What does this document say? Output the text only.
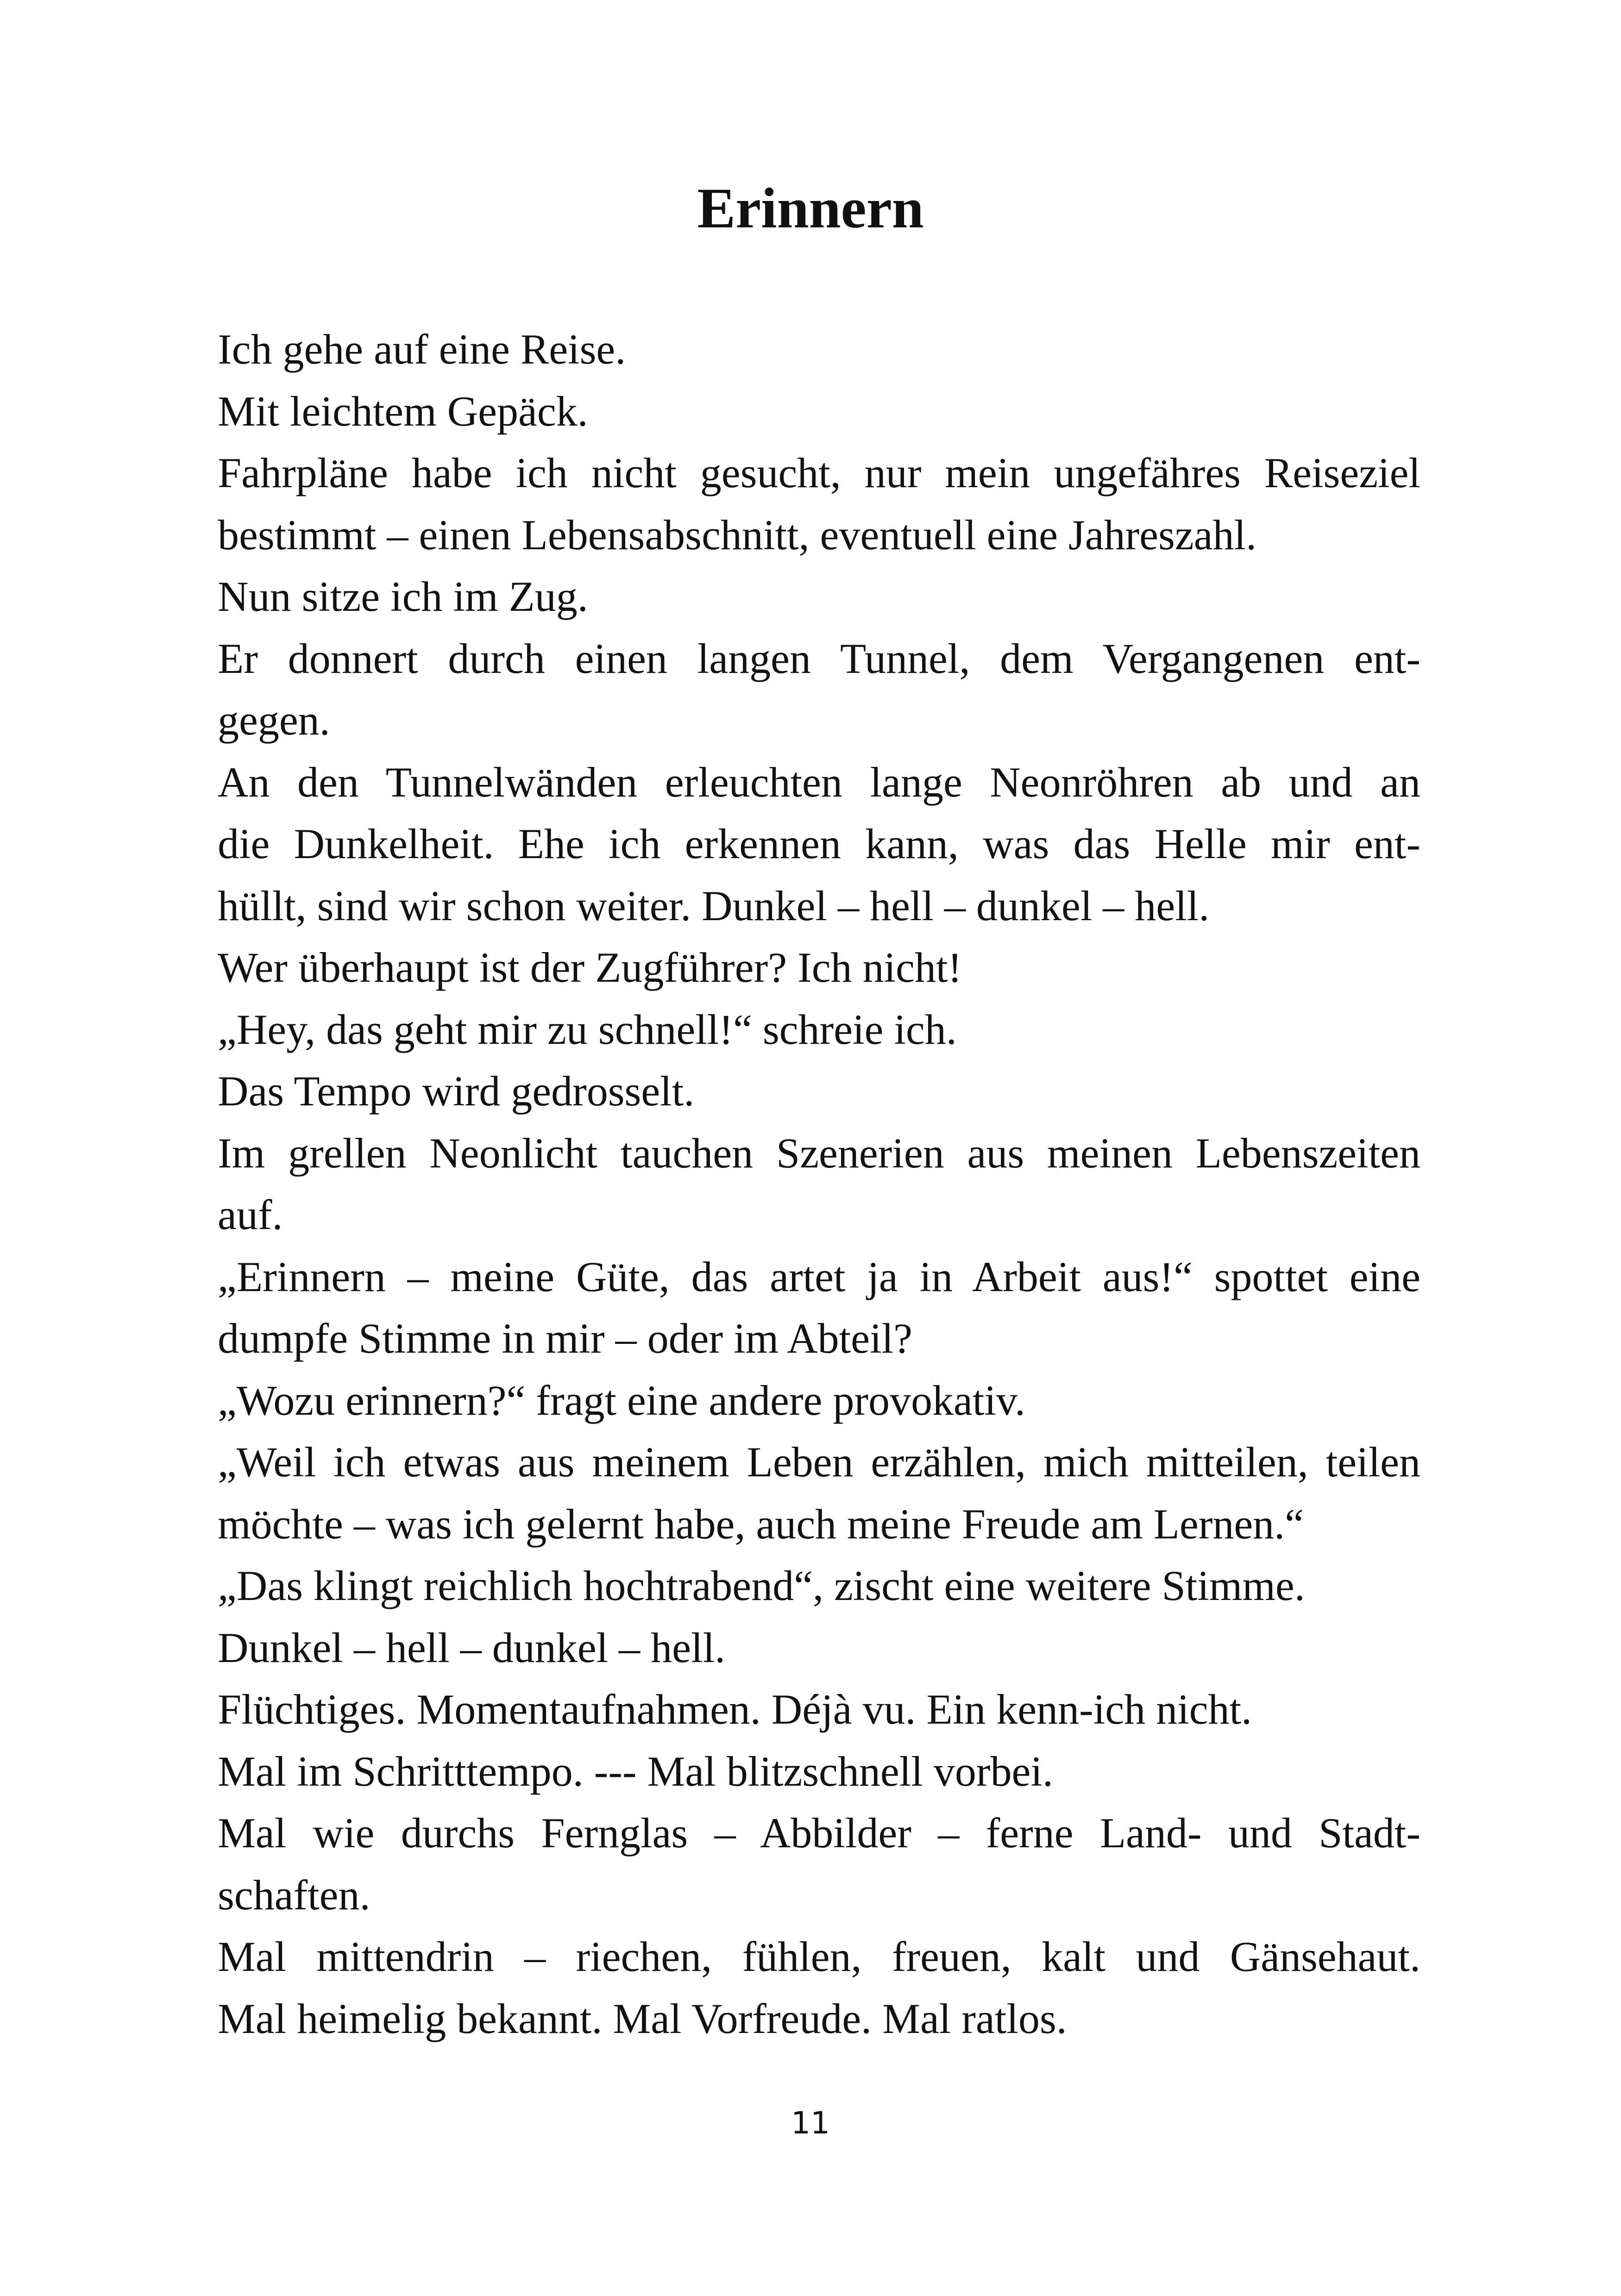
Erinnern
Ich gehe auf eine Reise.
Mit leichtem Gepäck.
Fahrpläne habe ich nicht gesucht, nur mein ungefähres Reiseziel
bestimmt – einen Lebensabschnitt, eventuell eine Jahreszahl.
Nun sitze ich im Zug.
Er donnert durch einen langen Tunnel, dem Vergangenen ent-
gegen.
An den Tunnelwänden erleuchten lange Neonröhren ab und an
die Dunkelheit. Ehe ich erkennen kann, was das Helle mir ent-
hüllt, sind wir schon weiter. Dunkel – hell – dunkel – hell.
Wer überhaupt ist der Zugführer? Ich nicht!
„Hey, das geht mir zu schnell!“ schreie ich.
Das Tempo wird gedrosselt.
Im grellen Neonlicht tauchen Szenerien aus meinen Lebenszeiten
auf.
„Erinnern – meine Güte, das artet ja in Arbeit aus!“ spottet eine
dumpfe Stimme in mir – oder im Abteil?
„Wozu erinnern?“ fragt eine andere provokativ.
„Weil ich etwas aus meinem Leben erzählen, mich mitteilen, teilen
möchte – was ich gelernt habe, auch meine Freude am Lernen.“
„Das klingt reichlich hochtrabend“, zischt eine weitere Stimme.
Dunkel – hell – dunkel – hell.
Flüchtiges. Momentaufnahmen. Déjà vu. Ein kenn-ich nicht.
Mal im Schritttempo. --- Mal blitzschnell vorbei.
Mal wie durchs Fernglas – Abbilder – ferne Land- und Stadt-
schaften.
Mal mittendrin – riechen, fühlen, freuen, kalt und Gänsehaut.
Mal heimelig bekannt. Mal Vorfreude. Mal ratlos.
11
